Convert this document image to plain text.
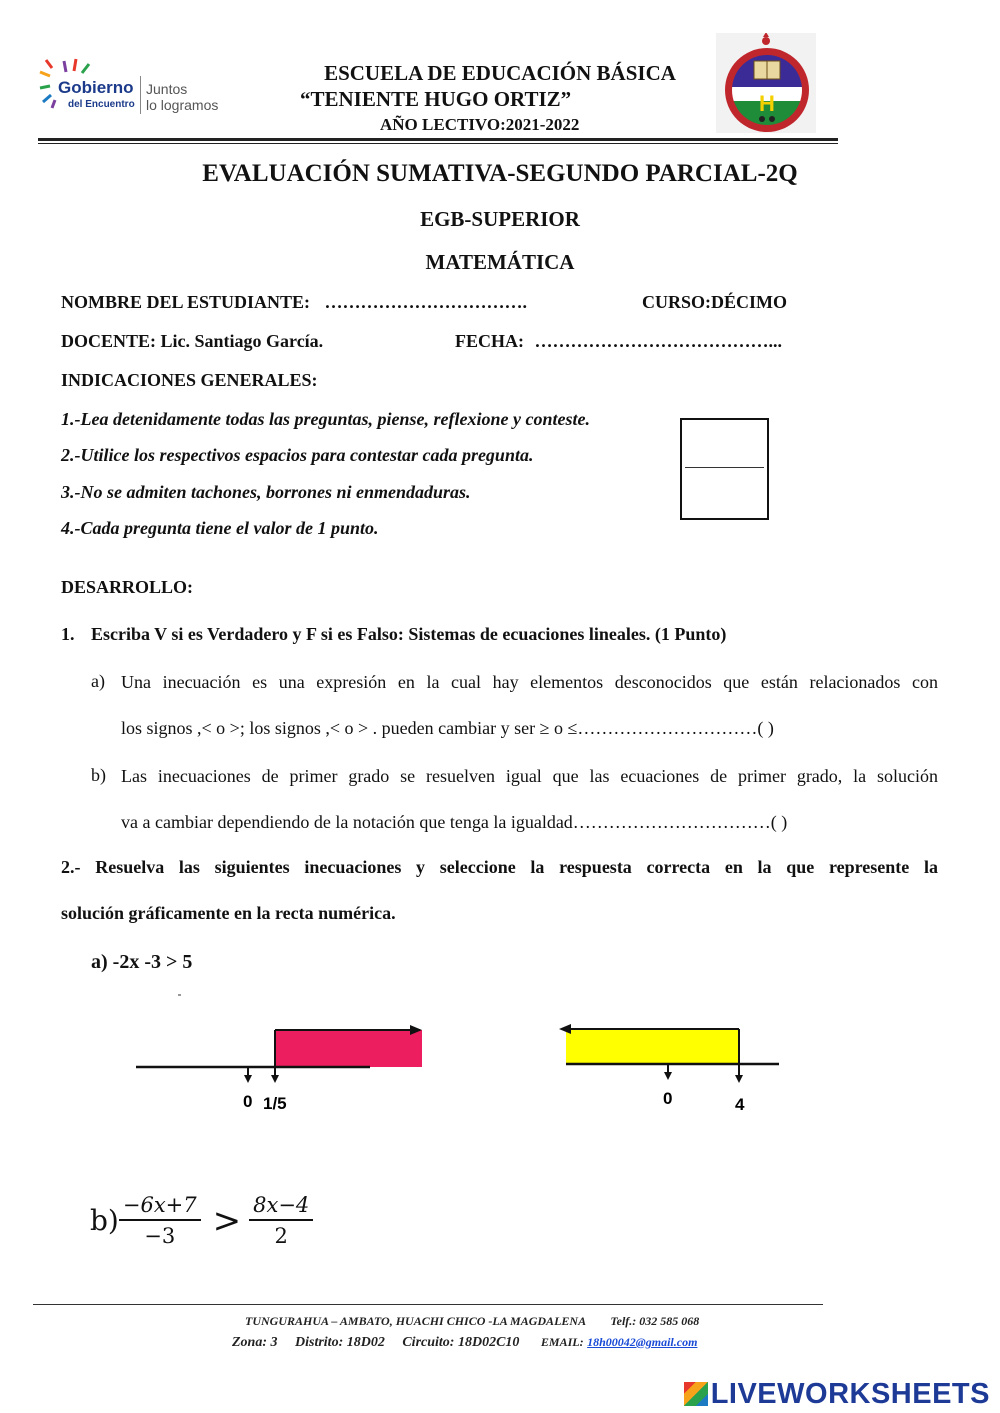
Gobierno
del Encuentro
Juntos
lo logramos
ESCUELA DE EDUCACIÓN BÁSICA
“TENIENTE HUGO ORTIZ”
AÑO LECTIVO:2021-2022
H
EVALUACIÓN SUMATIVA-SEGUNDO PARCIAL-2Q
EGB-SUPERIOR
MATEMÁTICA
NOMBRE DEL ESTUDIANTE: …………………………….	CURSO:DÉCIMO
DOCENTE: Lic. Santiago García.	FECHA: …………………………………...
INDICACIONES GENERALES:
1.-Lea detenidamente todas las preguntas, piense, reflexione y conteste.
2.-Utilice los respectivos espacios para contestar cada pregunta.
3.-No se admiten tachones, borrones ni enmendaduras.
4.-Cada pregunta tiene el valor de 1 punto.
DESARROLLO:
1. Escriba V si es Verdadero y F si es Falso: Sistemas de ecuaciones lineales. (1 Punto)
a) Una inecuación es una expresión en la cual hay elementos desconocidos que están relacionados con
los signos ,< o >; los signos ,< o > . pueden cambiar y ser ≥ o ≤…………………………( )
b) Las inecuaciones de primer grado se resuelven igual que las ecuaciones de primer grado, la solución
va a cambiar dependiendo de la notación que tenga la igualdad……………………………( )
2.- Resuelva las siguientes inecuaciones y seleccione la respuesta correcta en la que represente la
solución gráficamente en la recta numérica.
a) -2x -3 > 5
0 1/5	0	4
$b) \frac{-6x+7}{-3} > \frac{8x-4}{2}$
TUNGURAHUA – AMBATO, HUACHI CHICO -LA MAGDALENA Telf.: 032 585 068
Zona: 3 Distrito: 18D02 Circuito: 18D02C10 EMAIL: 18h00042@gmail.com
LIVEWORKSHEETS
